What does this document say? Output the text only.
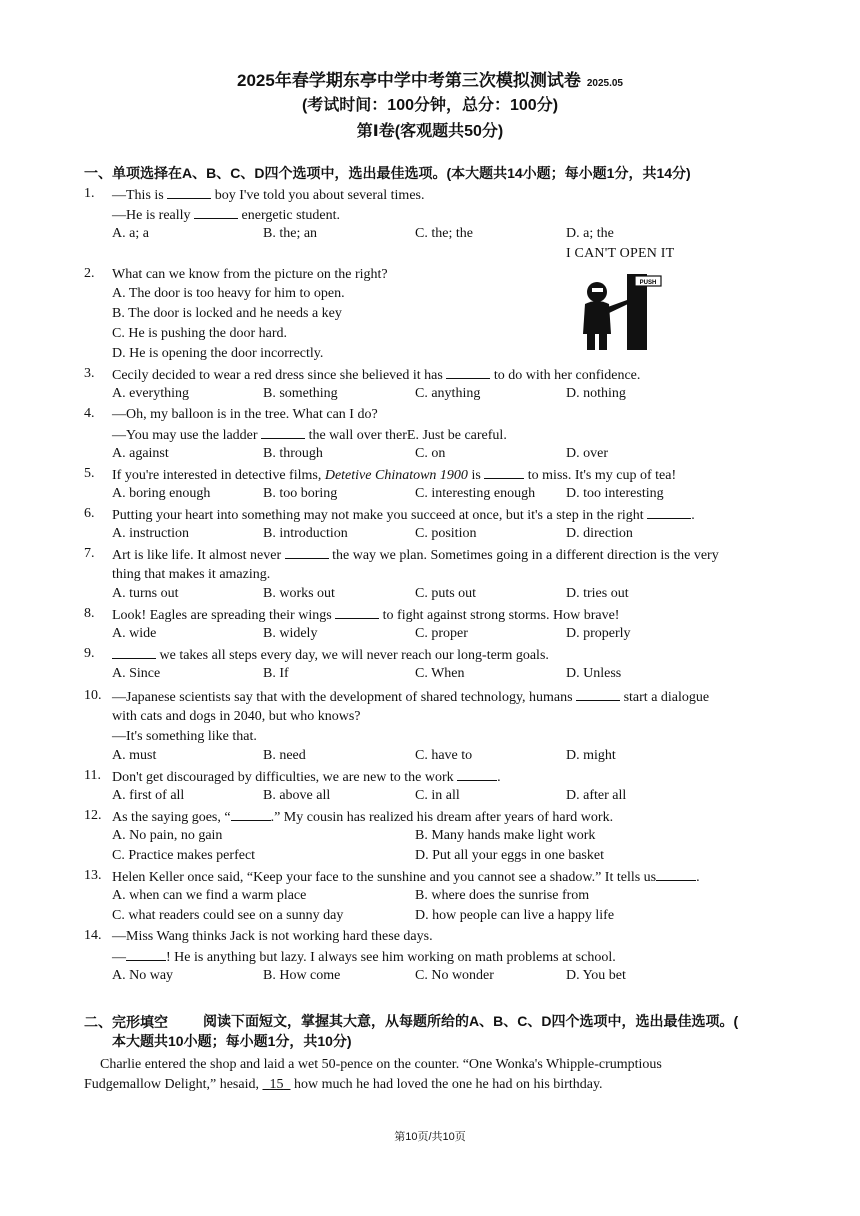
2025年春学期东亭中学中考第三次模拟测试卷 2025.05
(考试时间：100分钟，总分：100分)
第Ⅰ卷(客观题共50分)
一、单项选择在A、B、C、D四个选项中，选出最佳选项。(本大题共14小题；每小题1分，共14分)
1. —This is	boy I've told you about several times.
—He is really	energetic student.
A. a; a	B. the; an	C. the; the	D. a; the
I CAN'T OPEN IT
PUSH
2. What can we know from the picture on the right?
A. The door is too heavy for him to open.
B. The door is locked and he needs a key
C. He is pushing the door hard.
D. He is opening the door incorrectly.
3. Cecily decided to wear a red dress since she believed it has	to do with her confidence.
A. everything	B. something	C. anything	D. nothing
4. —Oh, my balloon is in the tree. What can I do?
—You may use the ladder	the wall over therE. Just be careful.
A. against	B. through	C. on	D. over
5. If you're interested in detective films, Detetive Chinatown 1900 is	to miss. It's my cup of tea!
A. boring enough	B. too boring	C. interesting enough D. too interesting
6. Putting your heart into something may not make you succeed at once, but it's a step in the right	.
A. instruction	B. introduction	C. position	D. direction
7. Art is like life. It almost never	the way we plan. Sometimes going in a different direction is the very
thing that makes it amazing.
A. turns out	B. works out	C. puts out	D. tries out
8. Look! Eagles are spreading their wings	to fight against strong storms. How brave!
A. wide	B. widely	C. proper	D. properly
9.	we takes all steps every day, we will never reach our long-term goals.
A. Since	B. If	C. When	D. Unless
10. —Japanese scientists say that with the development of shared technology, humans	start a dialogue
with cats and dogs in 2040, but who knows?
—It's something like that.
A. must	B. need	C. have to	D. might
11. Don't get discouraged by difficulties, we are new to the work	.
A. first of all	B. above all	C. in all	D. after all
12. As the saying goes, “	.” My cousin has realized his dream after years of hard work.
A. No pain, no gain	B. Many hands make light work
C. Practice makes perfect	D. Put all your eggs in one basket
13. Helen Keller once said, “Keep your face to the sunshine and you cannot see a shadow.” It tells us	.
A. when can we find a warm place	B. where does the sunrise from
C. what readers could see on a sunny day	D. how people can live a happy life
14. —Miss Wang thinks Jack is not working hard these days.
—	! He is anything but lazy. I always see him working on math problems at school.
A. No way	B. How come	C. No wonder	D. You bet
二、完形填空	阅读下面短文，掌握其大意，从每题所给的A、B、C、D四个选项中，选出最佳选项。(
本大题共10小题；每小题1分，共10分)
Charlie entered the shop and laid a wet 50-pence on the counter. “One Wonka's Whipple-crumptious
Fudgemallow Delight,” hesaid, 15 how much he had loved the one he had on his birthday.
第10页/共10页
